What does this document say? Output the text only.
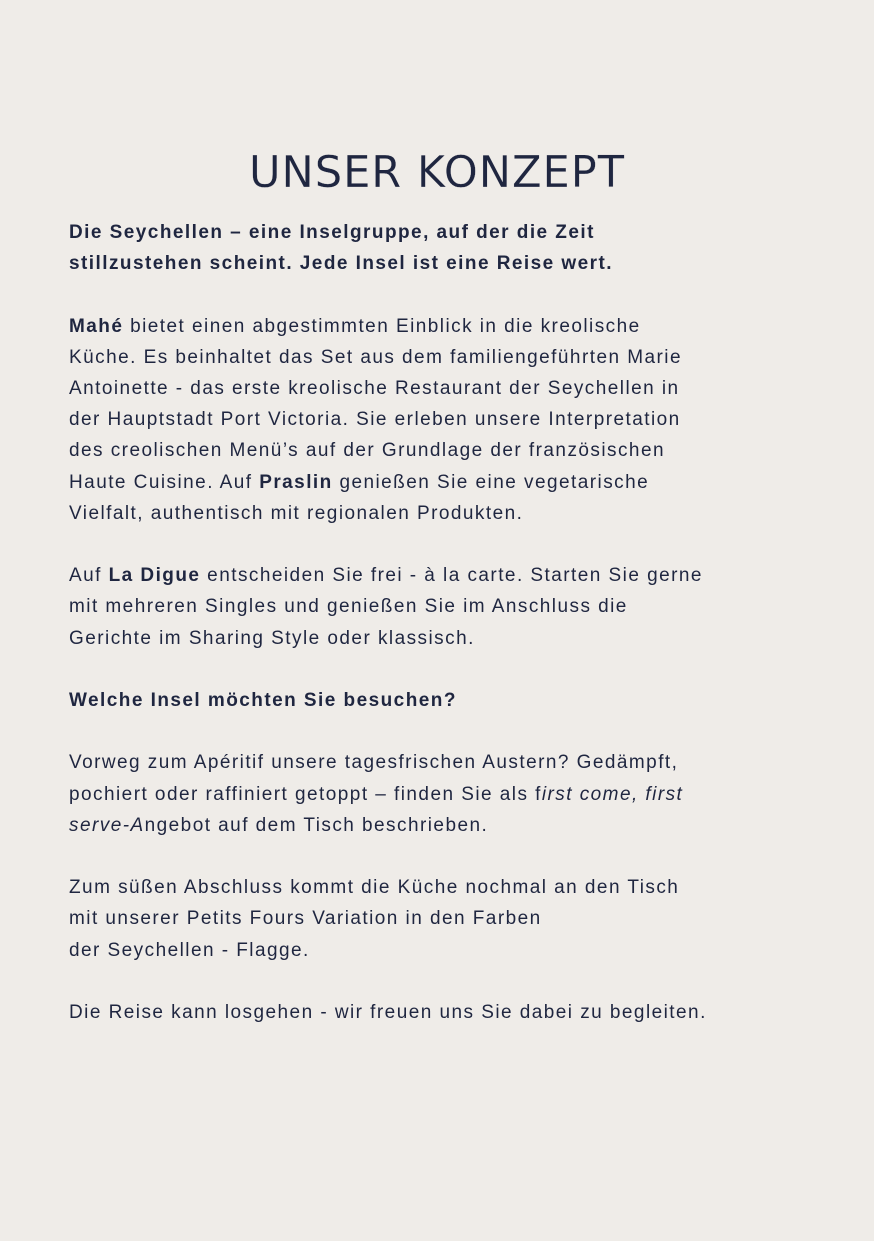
UNSER KONZEPT

Die Seychellen – eine Inselgruppe, auf der die Zeit
stillzustehen scheint. Jede Insel ist eine Reise wert.

Mahé bietet einen abgestimmten Einblick in die kreolische
Küche. Es beinhaltet das Set aus dem familiengeführten Marie
Antoinette - das erste kreolische Restaurant der Seychellen in
der Hauptstadt Port Victoria. Sie erleben unsere Interpretation
des creolischen Menü’s auf der Grundlage der französischen
Haute Cuisine. Auf Praslin genießen Sie eine vegetarische
Vielfalt, authentisch mit regionalen Produkten.

Auf La Digue entscheiden Sie frei - à la carte. Starten Sie gerne
mit mehreren Singles und genießen Sie im Anschluss die
Gerichte im Sharing Style oder klassisch.

Welche Insel möchten Sie besuchen?

Vorweg zum Apéritif unsere tagesfrischen Austern? Gedämpft,
pochiert oder raffiniert getoppt – finden Sie als first come, first
serve-Angebot auf dem Tisch beschrieben.

Zum süßen Abschluss kommt die Küche nochmal an den Tisch
mit unserer Petits Fours Variation in den Farben
der Seychellen - Flagge.

Die Reise kann losgehen - wir freuen uns Sie dabei zu begleiten.
